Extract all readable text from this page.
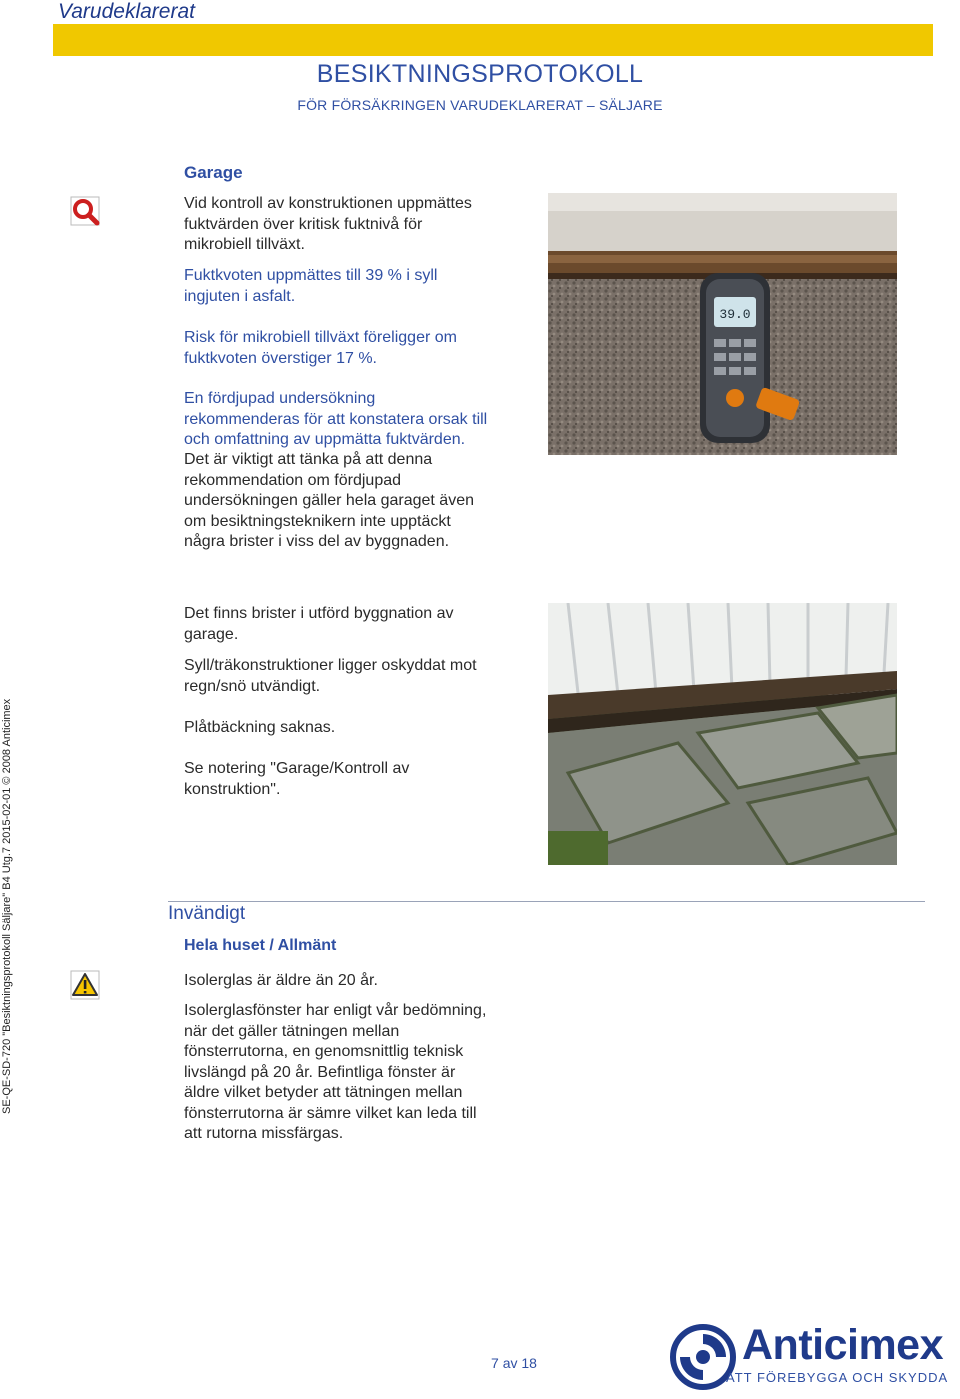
Varudeklarerat
BESIKTNINGSPROTOKOLL
FÖR FÖRSÄKRINGEN VARUDEKLARERAT – SÄLJARE
SE-QE-SD-720 "Besiktningsprotokoll Säljare" B4 Utg.7 2015-02-01 © 2008 Anticimex
Garage
Vid kontroll av konstruktionen uppmättes
fuktvärden över kritisk fuktnivå för
mikrobiell tillväxt.
Fuktkvoten uppmättes till 39 % i syll
ingjuten i asfalt.
Risk för mikrobiell tillväxt föreligger om
fuktkvoten överstiger 17 %.
En fördjupad undersökning
rekommenderas för att konstatera orsak till
och omfattning av uppmätta fuktvärden.
Det är viktigt att tänka på att denna
rekommendation om fördjupad
undersökningen gäller hela garaget även
om besiktningsteknikern inte upptäckt
några brister i viss del av byggnaden.
39.0
Det finns brister i utförd byggnation av
garage.
Syll/träkonstruktioner ligger oskyddat mot
regn/snö utvändigt.
Plåtbäckning saknas.
Se notering "Garage/Kontroll av
konstruktion".
Invändigt
Hela huset / Allmänt
Isolerglas är äldre än 20 år.
Isolerglasfönster har enligt vår bedömning,
när det gäller tätningen mellan
fönsterrutorna, en genomsnittlig teknisk
livslängd på 20 år. Befintliga fönster är
äldre vilket betyder att tätningen mellan
fönsterrutorna är sämre vilket kan leda till
att rutorna missfärgas.
7 av 18	Anticimex
ATT FÖREBYGGA OCH SKYDDA
